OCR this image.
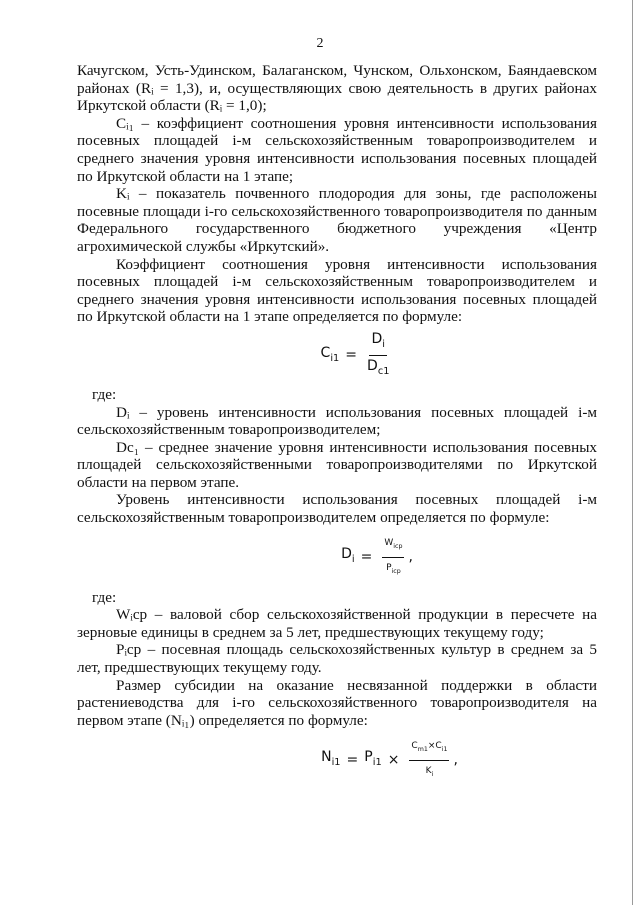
2

Качугском, Усть-Удинском, Балаганском, Чунском, Ольхонском, Баяндаевском районах (Rᵢ = 1,3), и, осуществляющих свою деятельность в других районах Иркутской области (Rᵢ = 1,0);

Cᵢ₁ – коэффициент соотношения уровня интенсивности использования посевных площадей i-м сельскохозяйственным товаропроизводителем и среднего значения уровня интенсивности использования посевных площадей по Иркутской области на 1 этапе;

Kᵢ – показатель почвенного плодородия для зоны, где расположены посевные площади i-го сельскохозяйственного товаропроизводителя по данным Федерального государственного бюджетного учреждения «Центр агрохимической службы «Иркутский».

Коэффициент соотношения уровня интенсивности использования посевных площадей i-м сельскохозяйственным товаропроизводителем и среднего значения уровня интенсивности использования посевных площадей по Иркутской области на 1 этапе определяется по формуле:

$C_{i1} = \frac{D_i}{D_{c1}}$

где:

Dᵢ – уровень интенсивности использования посевных площадей i-м сельскохозяйственным товаропроизводителем;

Dc₁ – среднее значение уровня интенсивности использования посевных площадей сельскохозяйственными товаропроизводителями по Иркутской области на первом этапе.

Уровень интенсивности использования посевных площадей i-м сельскохозяйственным товаропроизводителем определяется по формуле:

$D_i = \frac{W_{icp}}{P_{icp}}$ ,

где:

Wᵢcp – валовой сбор сельскохозяйственной продукции в пересчете на зерновые единицы в среднем за 5 лет, предшествующих текущему году;

Pᵢcp – посевная площадь сельскохозяйственных культур в среднем за 5 лет, предшествующих текущему году.

Размер субсидии на оказание несвязанной поддержки в области растениеводства для i-го сельскохозяйственного товаропроизводителя на первом этапе (Nᵢ₁) определяется по формуле:

$N_{i1} = P_{i1} \times \frac{C_{m1}\times C_{i1}}{K_i}$ ,
